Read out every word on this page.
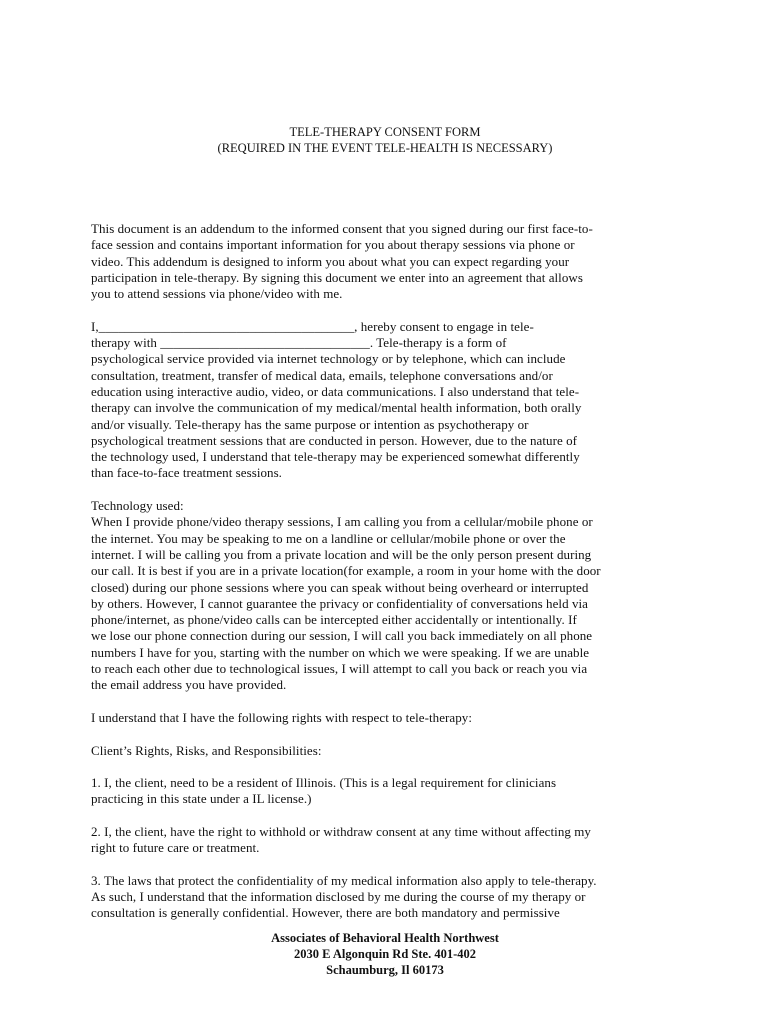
TELE-THERAPY CONSENT FORM
(REQUIRED IN THE EVENT TELE-HEALTH IS NECESSARY)

This document is an addendum to the informed consent that you signed during our first face-to-
face session and contains important information for you about therapy sessions via phone or
video. This addendum is designed to inform you about what you can expect regarding your
participation in tele-therapy. By signing this document we enter into an agreement that allows
you to attend sessions via phone/video with me.

I,_______________________________________, hereby consent to engage in tele-
therapy with ________________________________. Tele-therapy is a form of
psychological service provided via internet technology or by telephone, which can include
consultation, treatment, transfer of medical data, emails, telephone conversations and/or
education using interactive audio, video, or data communications. I also understand that tele-
therapy can involve the communication of my medical/mental health information, both orally
and/or visually. Tele-therapy has the same purpose or intention as psychotherapy or
psychological treatment sessions that are conducted in person. However, due to the nature of
the technology used, I understand that tele-therapy may be experienced somewhat differently
than face-to-face treatment sessions.

Technology used:
When I provide phone/video therapy sessions, I am calling you from a cellular/mobile phone or
the internet. You may be speaking to me on a landline or cellular/mobile phone or over the
internet. I will be calling you from a private location and will be the only person present during
our call. It is best if you are in a private location(for example, a room in your home with the door
closed) during our phone sessions where you can speak without being overheard or interrupted
by others. However, I cannot guarantee the privacy or confidentiality of conversations held via
phone/internet, as phone/video calls can be intercepted either accidentally or intentionally. If
we lose our phone connection during our session, I will call you back immediately on all phone
numbers I have for you, starting with the number on which we were speaking. If we are unable
to reach each other due to technological issues, I will attempt to call you back or reach you via
the email address you have provided.

I understand that I have the following rights with respect to tele-therapy:

Client’s Rights, Risks, and Responsibilities:

1. I, the client, need to be a resident of Illinois. (This is a legal requirement for clinicians
practicing in this state under a IL license.)

2. I, the client, have the right to withhold or withdraw consent at any time without affecting my
right to future care or treatment.

3. The laws that protect the confidentiality of my medical information also apply to tele-therapy.
As such, I understand that the information disclosed by me during the course of my therapy or
consultation is generally confidential. However, there are both mandatory and permissive

Associates of Behavioral Health Northwest
2030 E Algonquin Rd Ste. 401-402
Schaumburg, Il 60173
